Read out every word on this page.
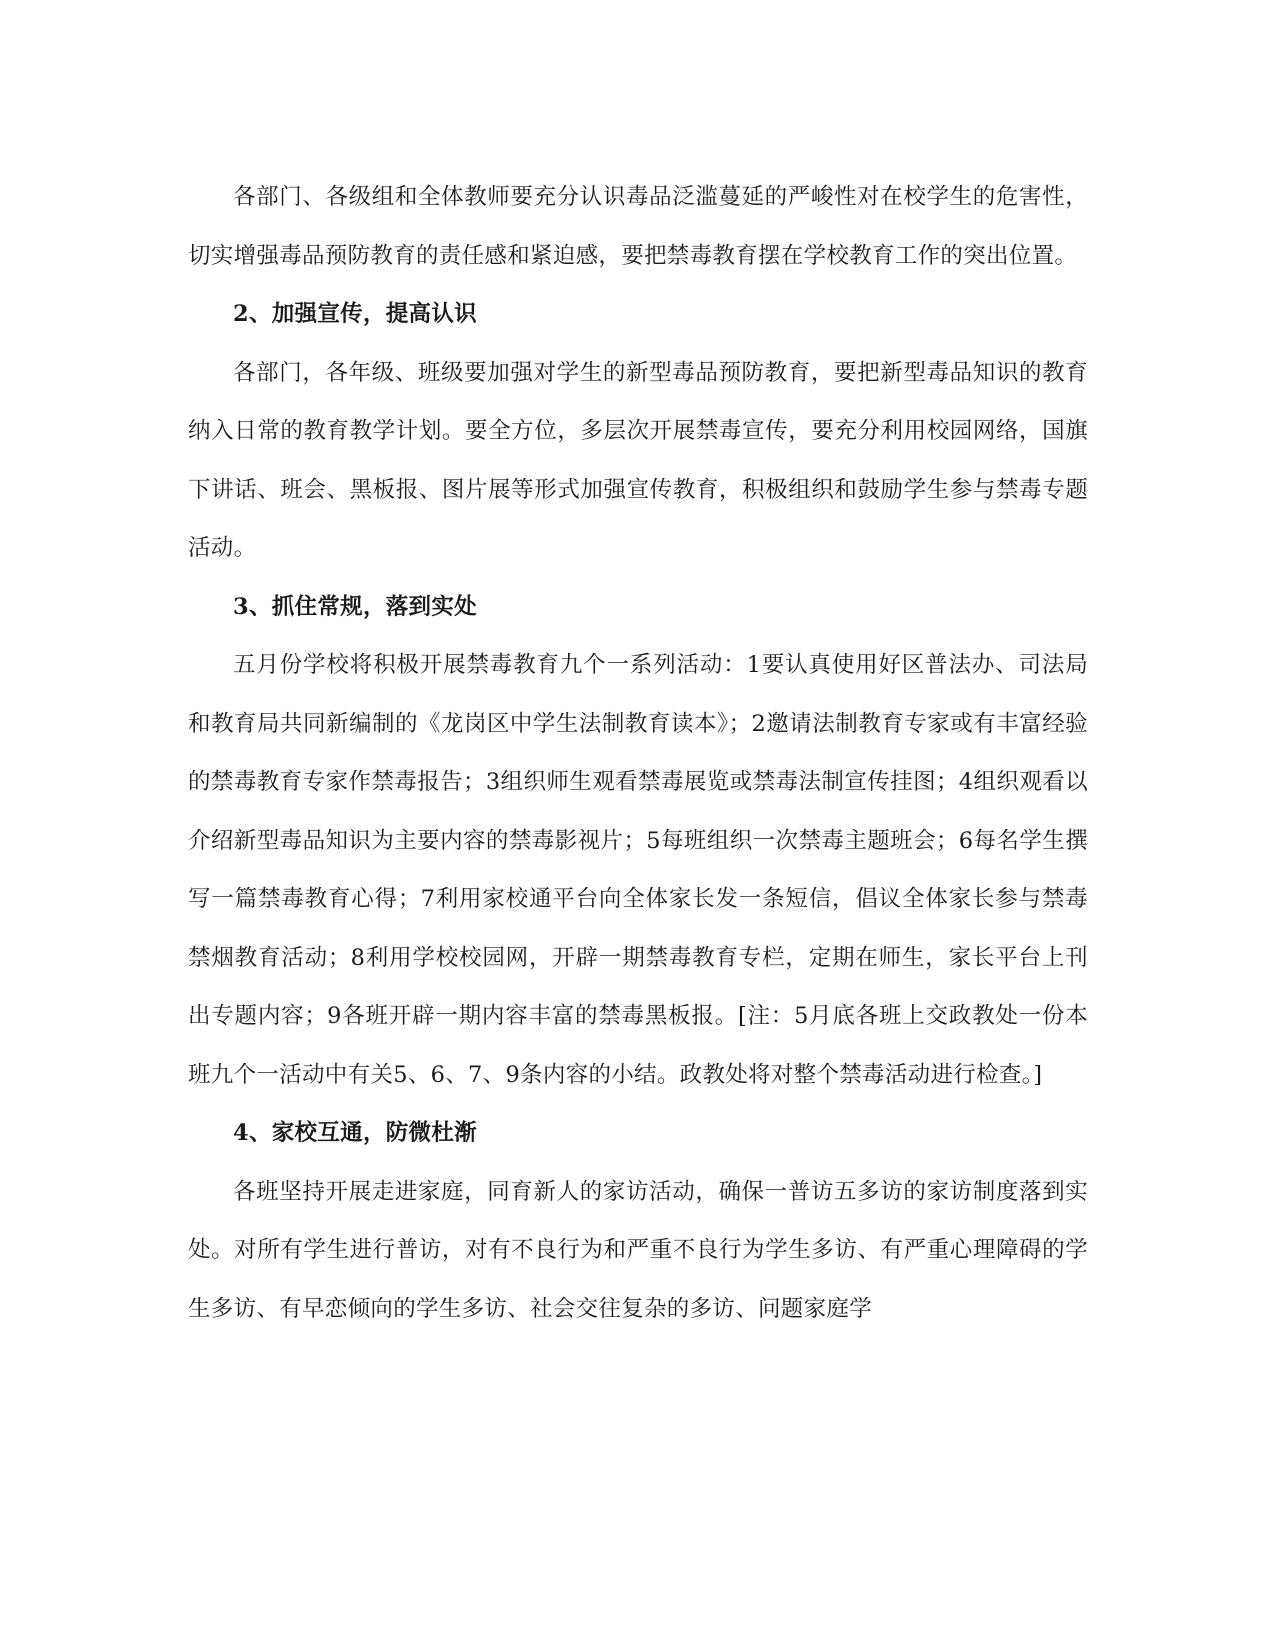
各部门、各级组和全体教师要充分认识毒品泛滥蔓延的严峻性对在校学生的危害性，切实增强毒品预防教育的责任感和紧迫感，要把禁毒教育摆在学校教育工作的突出位置。

2、加强宣传，提高认识

各部门，各年级、班级要加强对学生的新型毒品预防教育，要把新型毒品知识的教育纳入日常的教育教学计划。要全方位，多层次开展禁毒宣传，要充分利用校园网络，国旗下讲话、班会、黑板报、图片展等形式加强宣传教育，积极组织和鼓励学生参与禁毒专题活动。

3、抓住常规，落到实处

五月份学校将积极开展禁毒教育九个一系列活动：1要认真使用好区普法办、司法局和教育局共同新编制的《龙岗区中学生法制教育读本》；2邀请法制教育专家或有丰富经验的禁毒教育专家作禁毒报告；3组织师生观看禁毒展览或禁毒法制宣传挂图；4组织观看以介绍新型毒品知识为主要内容的禁毒影视片；5每班组织一次禁毒主题班会；6每名学生撰写一篇禁毒教育心得；7利用家校通平台向全体家长发一条短信，倡议全体家长参与禁毒禁烟教育活动；8利用学校校园网，开辟一期禁毒教育专栏，定期在师生，家长平台上刊出专题内容；9各班开辟一期内容丰富的禁毒黑板报。[注：5月底各班上交政教处一份本班九个一活动中有关5、6、7、9条内容的小结。政教处将对整个禁毒活动进行检查。]

4、家校互通，防微杜渐

各班坚持开展走进家庭，同育新人的家访活动，确保一普访五多访的家访制度落到实处。对所有学生进行普访，对有不良行为和严重不良行为学生多访、有严重心理障碍的学生多访、有早恋倾向的学生多访、社会交往复杂的多访、问题家庭学
